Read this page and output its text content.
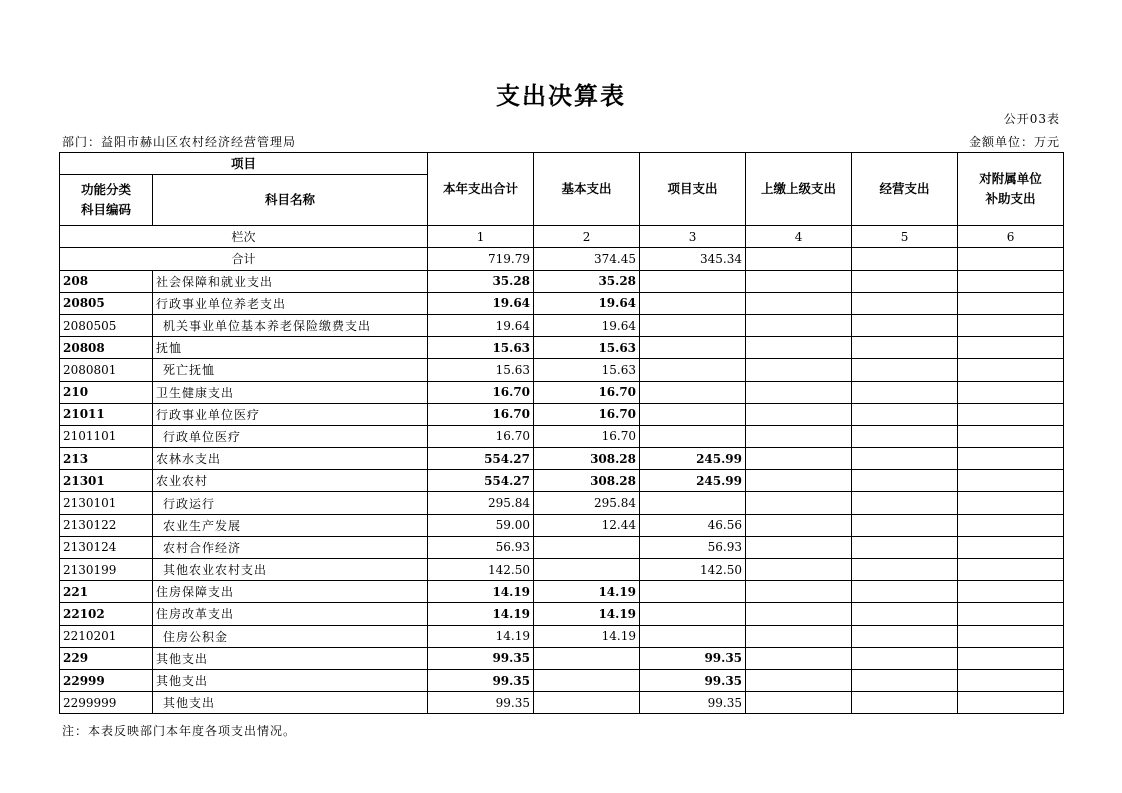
支出决算表
公开03表
部门：益阳市赫山区农村经济经营管理局	金额单位：万元
项目		本年支出合计	基本支出	项目支出	上缴上级支出	经营支出	对附属单位
补助支出

功能分类
科目编码	科目名称						
栏次		1	2	3	4	5	6
合计		719.79	374.45	345.34			
208	社会保障和就业支出	35.28	35.28				
20805	行政事业单位养老支出	19.64	19.64				
2080505	机关事业单位基本养老保险缴费支出	19.64	19.64				
20808	抚恤	15.63	15.63				
2080801	死亡抚恤	15.63	15.63				
210	卫生健康支出	16.70	16.70				
21011	行政事业单位医疗	16.70	16.70				
2101101	行政单位医疗	16.70	16.70				
213	农林水支出	554.27	308.28	245.99			
21301	农业农村	554.27	308.28	245.99			
2130101	行政运行	295.84	295.84				
2130122	农业生产发展	59.00	12.44	46.56			
2130124	农村合作经济	56.93		56.93			
2130199	其他农业农村支出	142.50		142.50			
221	住房保障支出	14.19	14.19				
22102	住房改革支出	14.19	14.19				
2210201	住房公积金	14.19	14.19				
229	其他支出	99.35		99.35			
22999	其他支出	99.35		99.35			
2299999	其他支出	99.35		99.35			
注：本表反映部门本年度各项支出情况。
